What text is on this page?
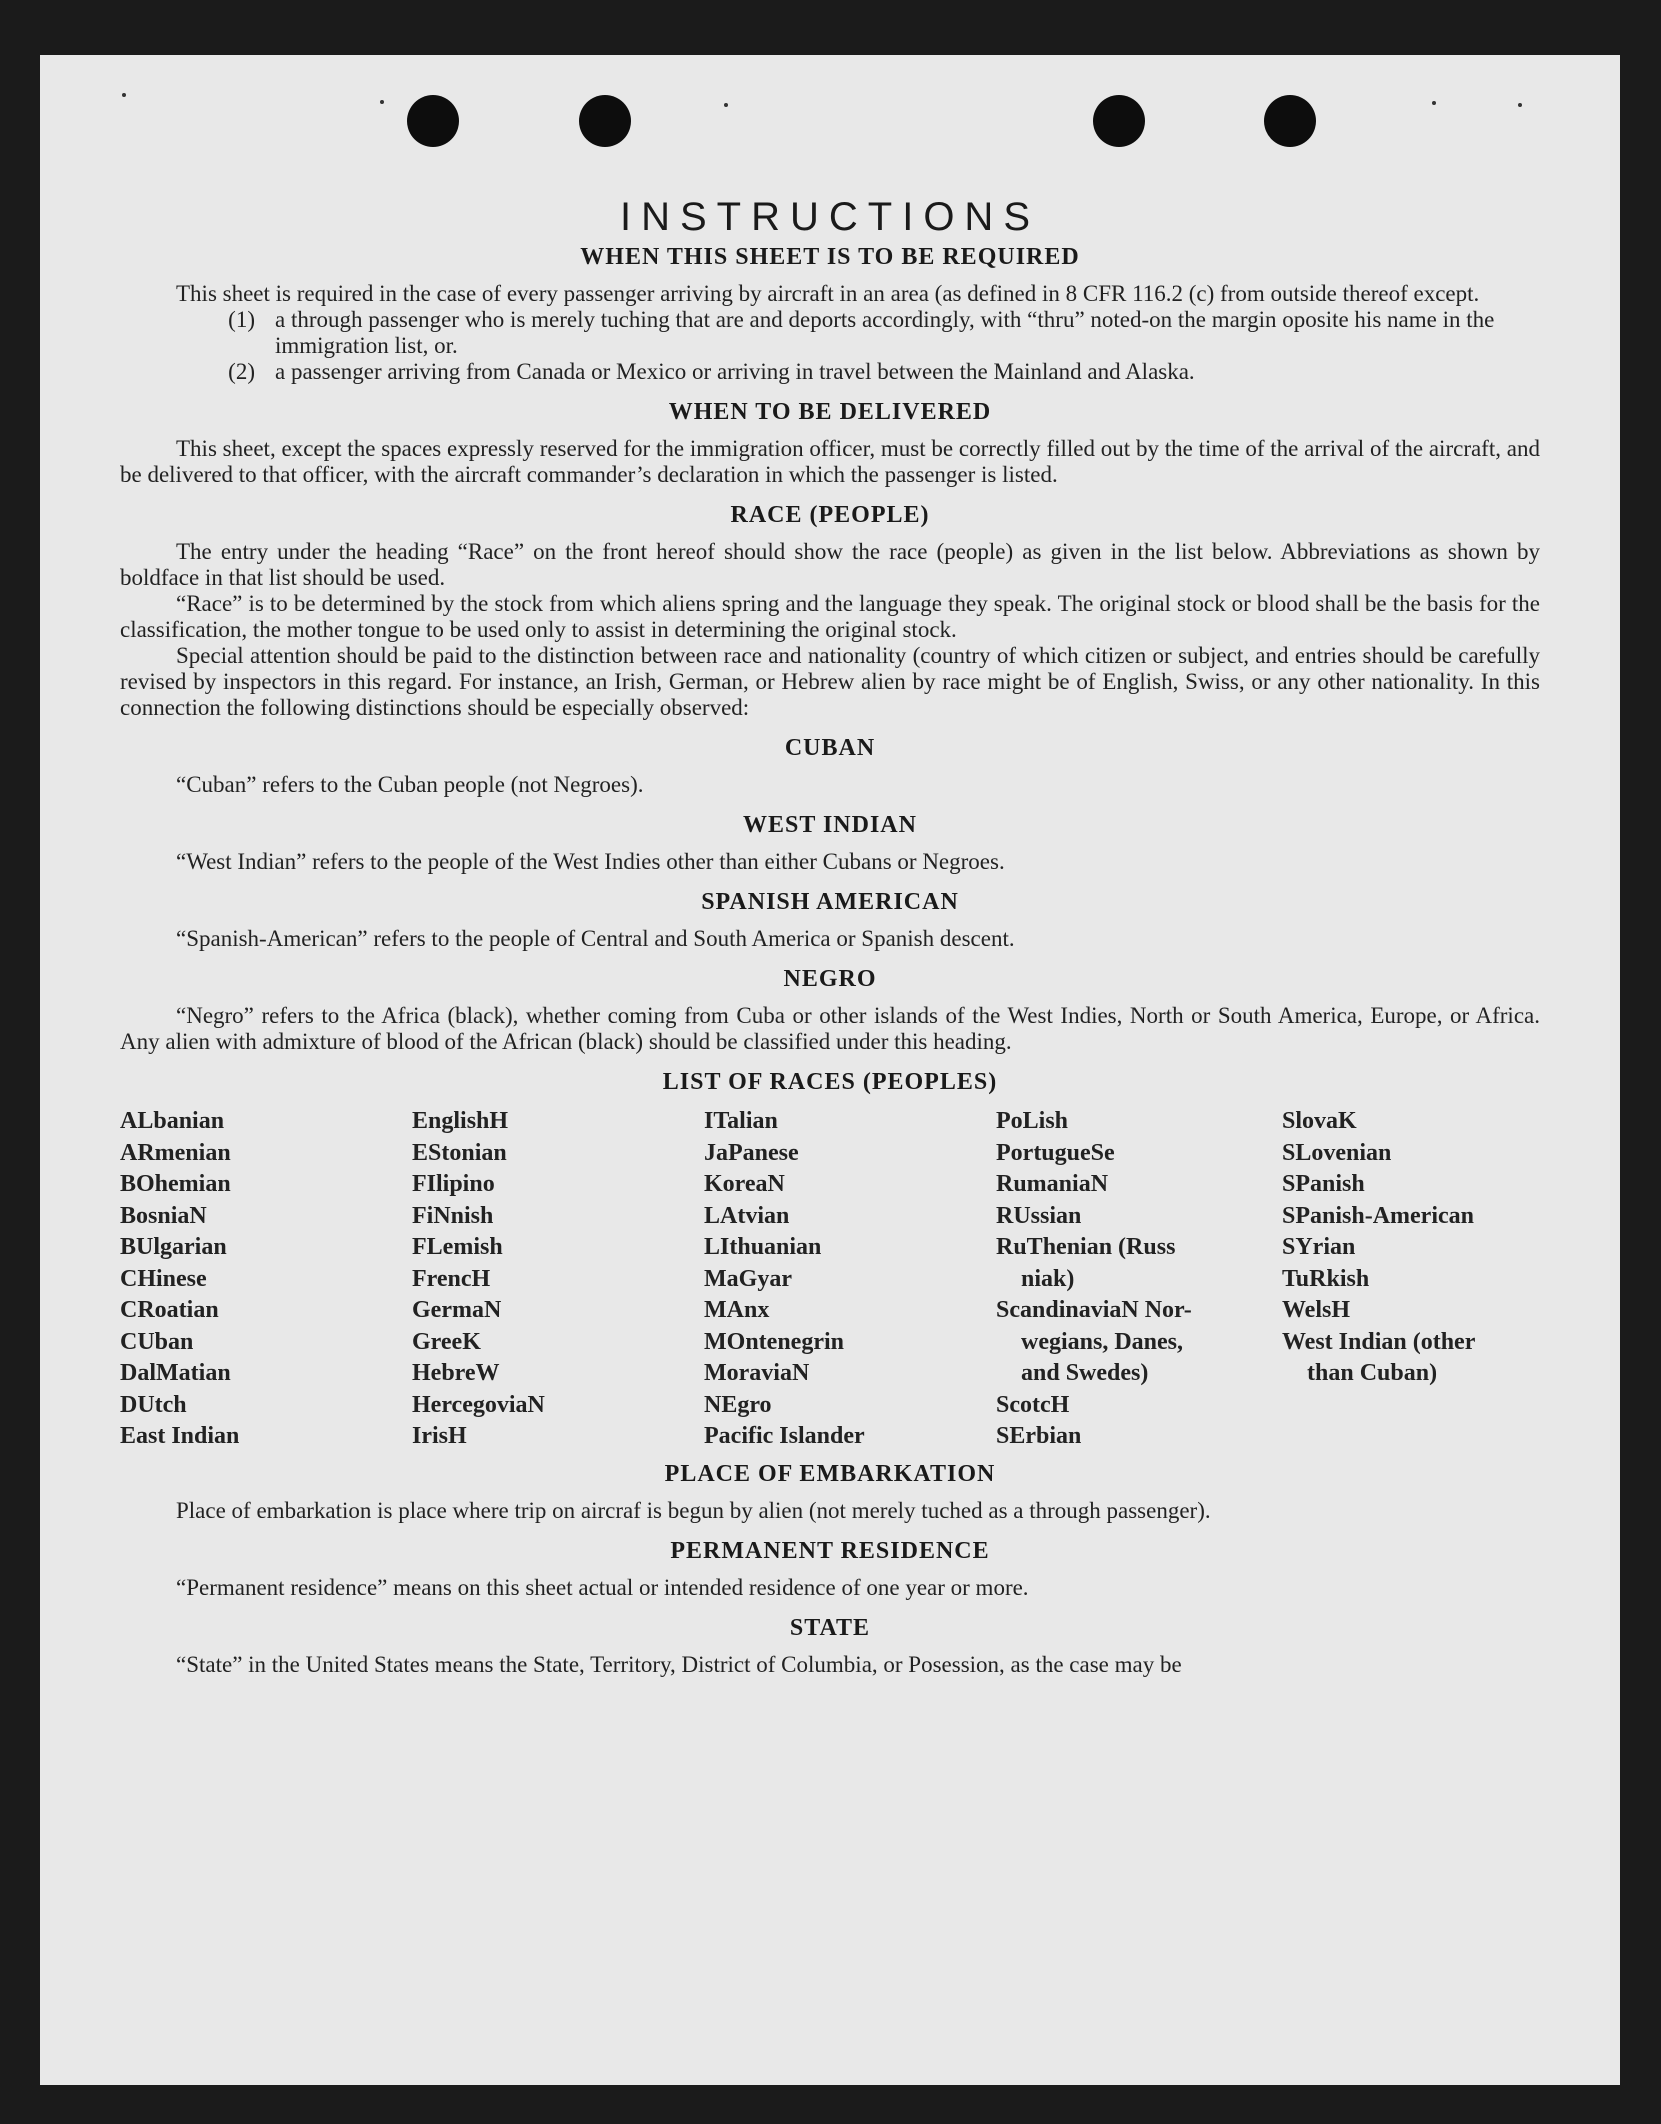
INSTRUCTIONS
WHEN THIS SHEET IS TO BE REQUIRED

This sheet is required in the case of every passenger arriving by aircraft in an area (as defined in 8 CFR 116.2 (c) from outside thereof except.

(1) a through passenger who is merely tuching that are and deports accordingly, with “thru” noted-on the margin oposite his name in the immigration list, or.
(2) a passenger arriving from Canada or Mexico or arriving in travel between the Mainland and Alaska.
WHEN TO BE DELIVERED

This sheet, except the spaces expressly reserved for the immigration officer, must be correctly filled out by the time of the arrival of the aircraft, and be delivered to that officer, with the aircraft commander’s declaration in which the passenger is listed.

RACE (PEOPLE)

The entry under the heading “Race” on the front hereof should show the race (people) as given in the list below. Abbreviations as shown by boldface in that list should be used.

“Race” is to be determined by the stock from which aliens spring and the language they speak. The original stock or blood shall be the basis for the classification, the mother tongue to be used only to assist in determining the original stock.

Special attention should be paid to the distinction between race and nationality (country of which citizen or subject, and entries should be carefully revised by inspectors in this regard. For instance, an Irish, German, or Hebrew alien by race might be of English, Swiss, or any other nationality. In this connection the following distinctions should be especially observed:

CUBAN

“Cuban” refers to the Cuban people (not Negroes).

WEST INDIAN

“West Indian” refers to the people of the West Indies other than either Cubans or Negroes.

SPANISH AMERICAN

“Spanish-American” refers to the people of Central and South America or Spanish descent.

NEGRO

“Negro” refers to the Africa (black), whether coming from Cuba or other islands of the West Indies, North or South America, Europe, or Africa. Any alien with admixture of blood of the African (black) should be classified under this heading.

LIST OF RACES (PEOPLES)
ALbanian
ARmenian
BOhemian
BosniaN
BUlgarian
CHinese
CRoatian
CUban
DalMatian
DUtch
East Indian
EnglishH
EStonian
FIlipino
FiNnish
FLemish
FrencH
GermaN
GreeK
HebreW
HercegoviaN
IrisH
ITalian
JaPanese
KoreaN
LAtvian
LIthuanian
MaGyar
MAnx
MOntenegrin
MoraviaN
NEgro
Pacific Islander
PoLish
PortugueSe
RumaniaN
RUssian
RuThenian (Russ
niak)
ScandinaviaN Nor-
wegians, Danes,
and Swedes)
ScotcH
SErbian
SlovaK
SLovenian
SPanish
SPanish-American
SYrian
TuRkish
WelsH
West Indian (other
than Cuban)
PLACE OF EMBARKATION

Place of embarkation is place where trip on aircraf is begun by alien (not merely tuched as a through passenger).

PERMANENT RESIDENCE

“Permanent residence” means on this sheet actual or intended residence of one year or more.

STATE

“State” in the United States means the State, Territory, District of Columbia, or Posession, as the case may be
